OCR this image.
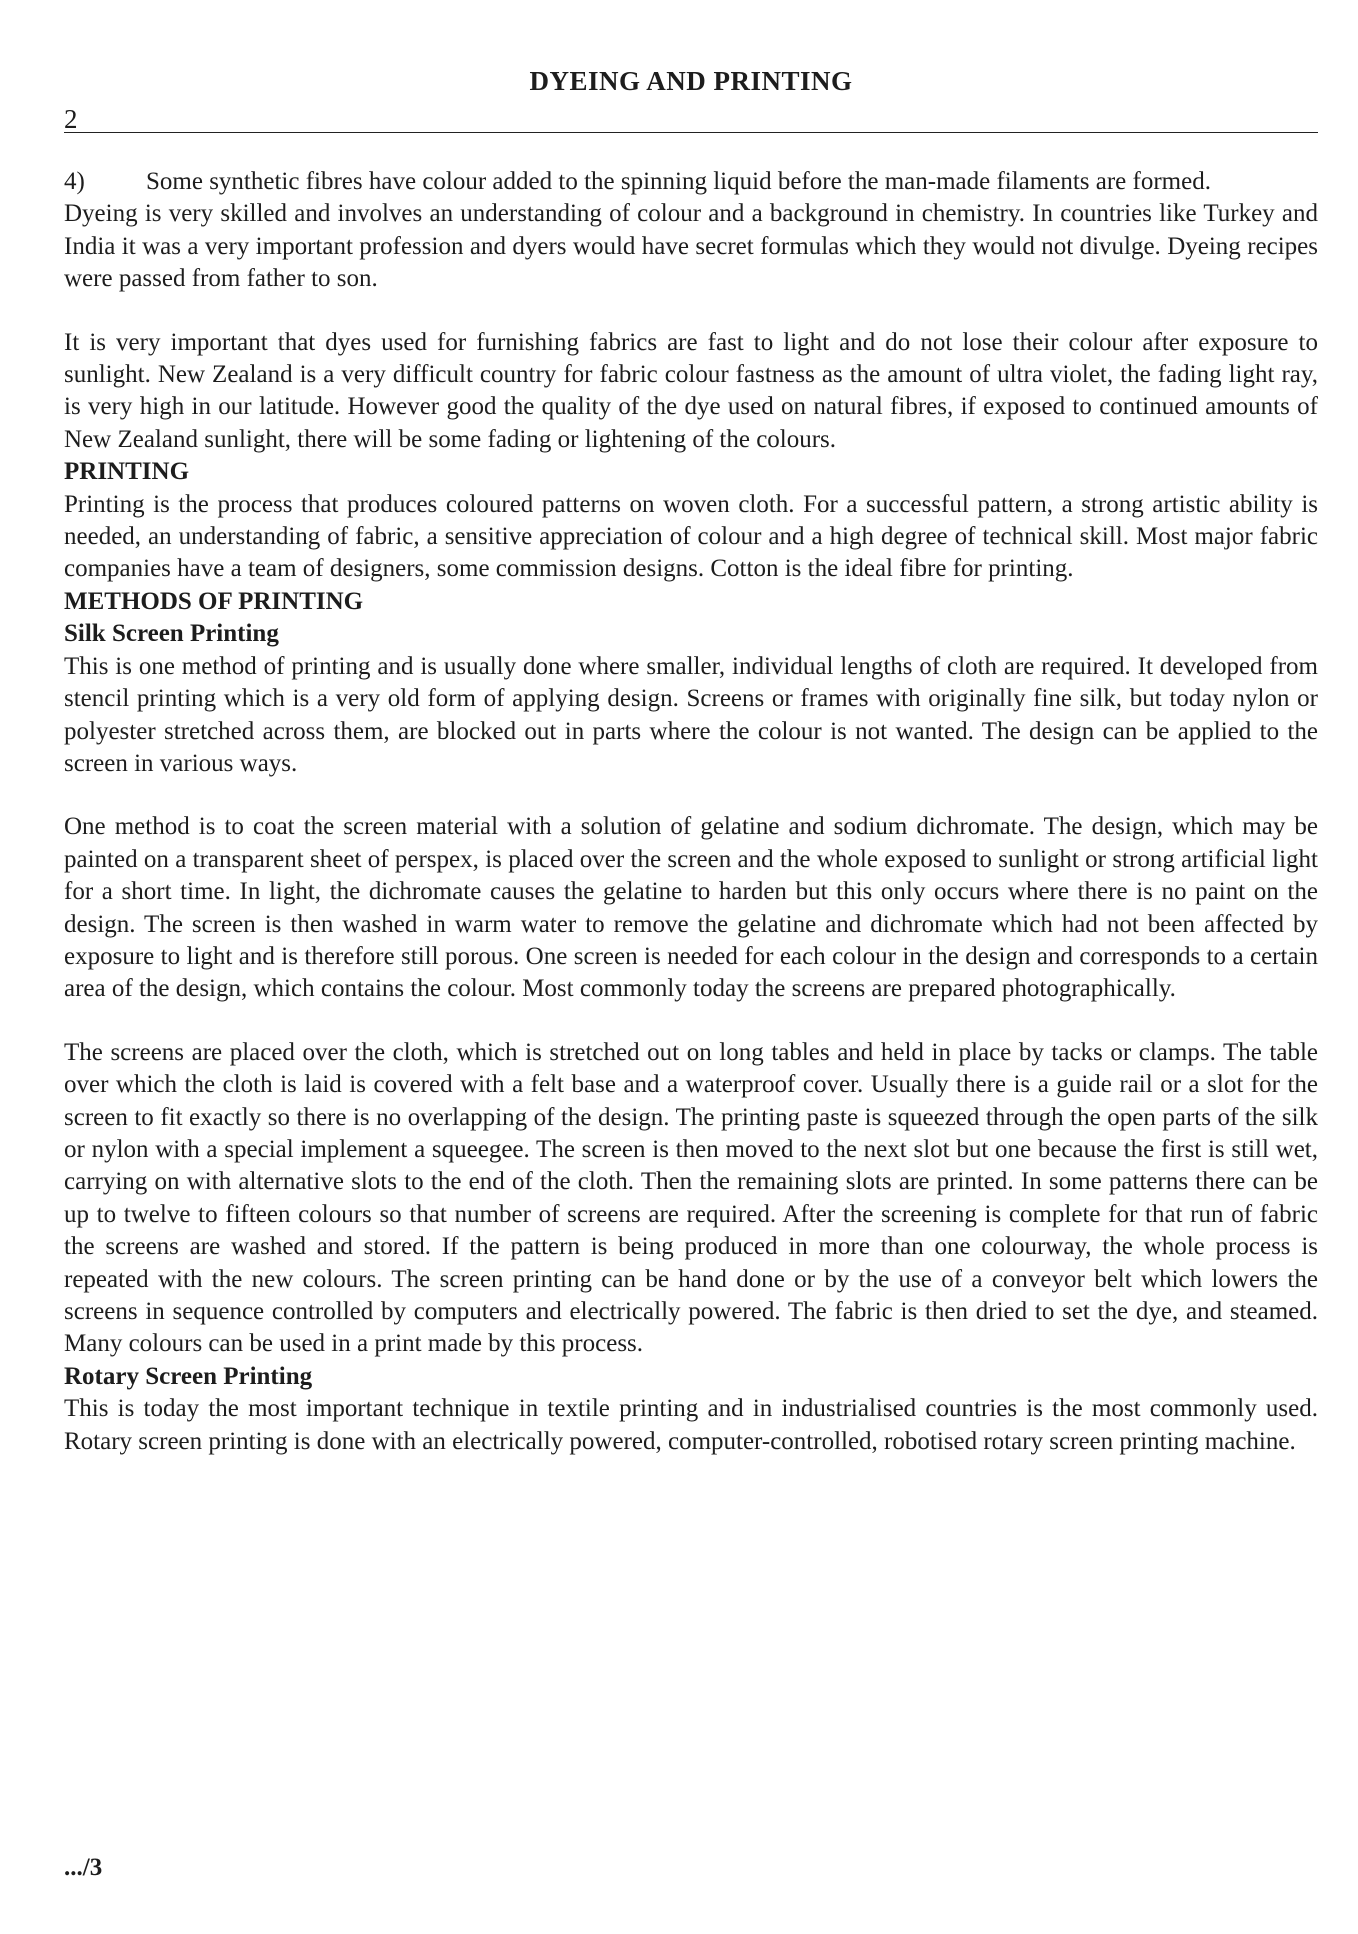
DYEING AND PRINTING
2
4)	Some synthetic fibres have colour added to the spinning liquid before the man-made filaments are formed.

Dyeing is very skilled and involves an understanding of colour and a background in chemistry. In countries like Turkey and India it was a very important profession and dyers would have secret formulas which they would not divulge. Dyeing recipes were passed from father to son.

It is very important that dyes used for furnishing fabrics are fast to light and do not lose their colour after exposure to sunlight. New Zealand is a very difficult country for fabric colour fastness as the amount of ultra violet, the fading light ray, is very high in our latitude. However good the quality of the dye used on natural fibres, if exposed to continued amounts of New Zealand sunlight, there will be some fading or lightening of the colours.

PRINTING

Printing is the process that produces coloured patterns on woven cloth. For a successful pattern, a strong artistic ability is needed, an understanding of fabric, a sensitive appreciation of colour and a high degree of technical skill. Most major fabric companies have a team of designers, some commission designs. Cotton is the ideal fibre for printing.

METHODS OF PRINTING

Silk Screen Printing

This is one method of printing and is usually done where smaller, individual lengths of cloth are required. It developed from stencil printing which is a very old form of applying design. Screens or frames with originally fine silk, but today nylon or polyester stretched across them, are blocked out in parts where the colour is not wanted. The design can be applied to the screen in various ways.

One method is to coat the screen material with a solution of gelatine and sodium dichromate. The design, which may be painted on a transparent sheet of perspex, is placed over the screen and the whole exposed to sunlight or strong artificial light for a short time. In light, the dichromate causes the gelatine to harden but this only occurs where there is no paint on the design. The screen is then washed in warm water to remove the gelatine and dichromate which had not been affected by exposure to light and is therefore still porous. One screen is needed for each colour in the design and corresponds to a certain area of the design, which contains the colour. Most commonly today the screens are prepared photographically.

The screens are placed over the cloth, which is stretched out on long tables and held in place by tacks or clamps. The table over which the cloth is laid is covered with a felt base and a waterproof cover. Usually there is a guide rail or a slot for the screen to fit exactly so there is no overlapping of the design. The printing paste is squeezed through the open parts of the silk or nylon with a special implement a squeegee. The screen is then moved to the next slot but one because the first is still wet, carrying on with alternative slots to the end of the cloth. Then the remaining slots are printed. In some patterns there can be up to twelve to fifteen colours so that number of screens are required. After the screening is complete for that run of fabric the screens are washed and stored. If the pattern is being produced in more than one colourway, the whole process is repeated with the new colours. The screen printing can be hand done or by the use of a conveyor belt which lowers the screens in sequence controlled by computers and electrically powered. The fabric is then dried to set the dye, and steamed. Many colours can be used in a print made by this process.

Rotary Screen Printing

This is today the most important technique in textile printing and in industrialised countries is the most commonly used. Rotary screen printing is done with an electrically powered, computer-controlled, robotised rotary screen printing machine.

.../3
